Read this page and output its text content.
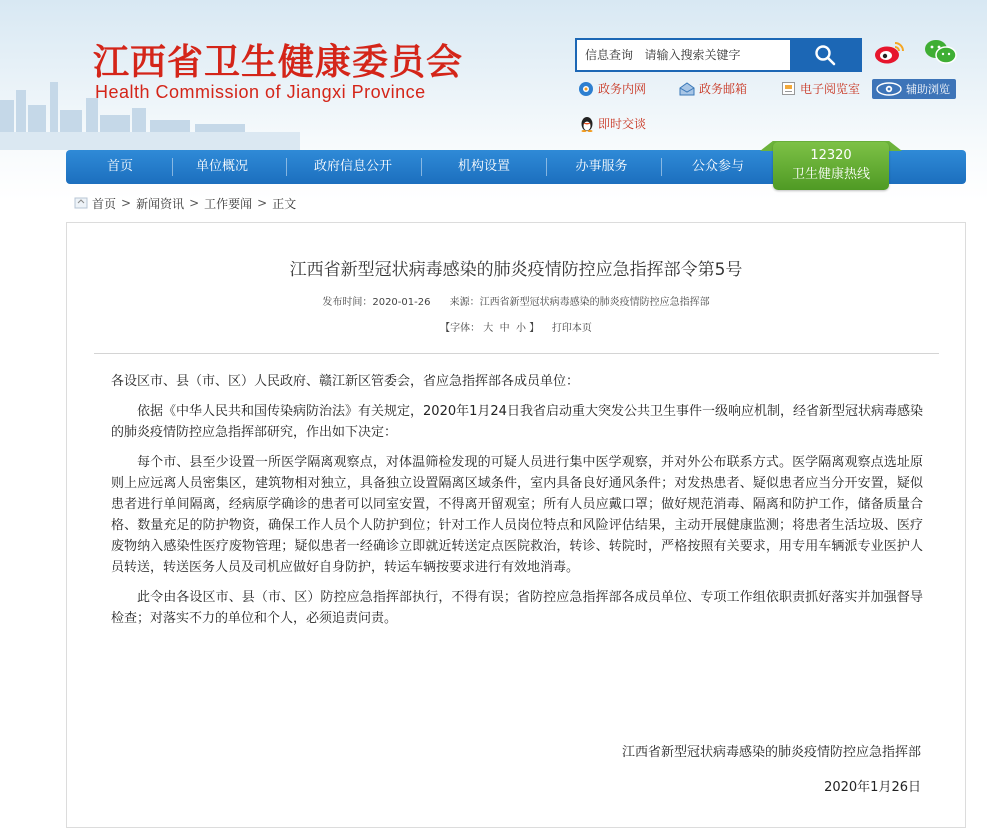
江西省卫生健康委员会
Health Commission of Jiangxi Province
信息查询 请输入搜索关键字	政务内网	政务邮箱	电子阅览室	辅助浏览
即时交谈
首页	单位概况	政府信息公开	机构设置	办事服务	公众参与
12320
卫生健康热线
首页 > 新闻资讯 > 工作要闻 > 正文
江西省新型冠状病毒感染的肺炎疫情防控应急指挥部令第5号
发布时间：2020-01-26 来源：江西省新型冠状病毒感染的肺炎疫情防控应急指挥部
【字体： 大 中 小 】 打印本页

各设区市、县（市、区）人民政府、赣江新区管委会，省应急指挥部各成员单位：

依据《中华人民共和国传染病防治法》有关规定，2020年1月24日我省启动重大突发公共卫生事件一级响应机制，经省新型冠状病毒感染的肺炎疫情防控应急指挥部研究，作出如下决定：

每个市、县至少设置一所医学隔离观察点，对体温筛检发现的可疑人员进行集中医学观察，并对外公布联系方式。医学隔离观察点选址原则上应远离人员密集区，建筑物相对独立，具备独立设置隔离区域条件，室内具备良好通风条件；对发热患者、疑似患者应当分开安置，疑似患者进行单间隔离，经病原学确诊的患者可以同室安置，不得离开留观室；所有人员应戴口罩；做好规范消毒、隔离和防护工作，储备质量合格、数量充足的防护物资，确保工作人员个人防护到位；针对工作人员岗位特点和风险评估结果，主动开展健康监测；将患者生活垃圾、医疗废物纳入感染性医疗废物管理；疑似患者一经确诊立即就近转送定点医院救治，转诊、转院时，严格按照有关要求，用专用车辆派专业医护人员转送，转送医务人员及司机应做好自身防护，转运车辆按要求进行有效地消毒。

此令由各设区市、县（市、区）防控应急指挥部执行，不得有误；省防控应急指挥部各成员单位、专项工作组依职责抓好落实并加强督导检查；对落实不力的单位和个人，必须追责问责。

江西省新型冠状病毒感染的肺炎疫情防控应急指挥部
2020年1月26日
